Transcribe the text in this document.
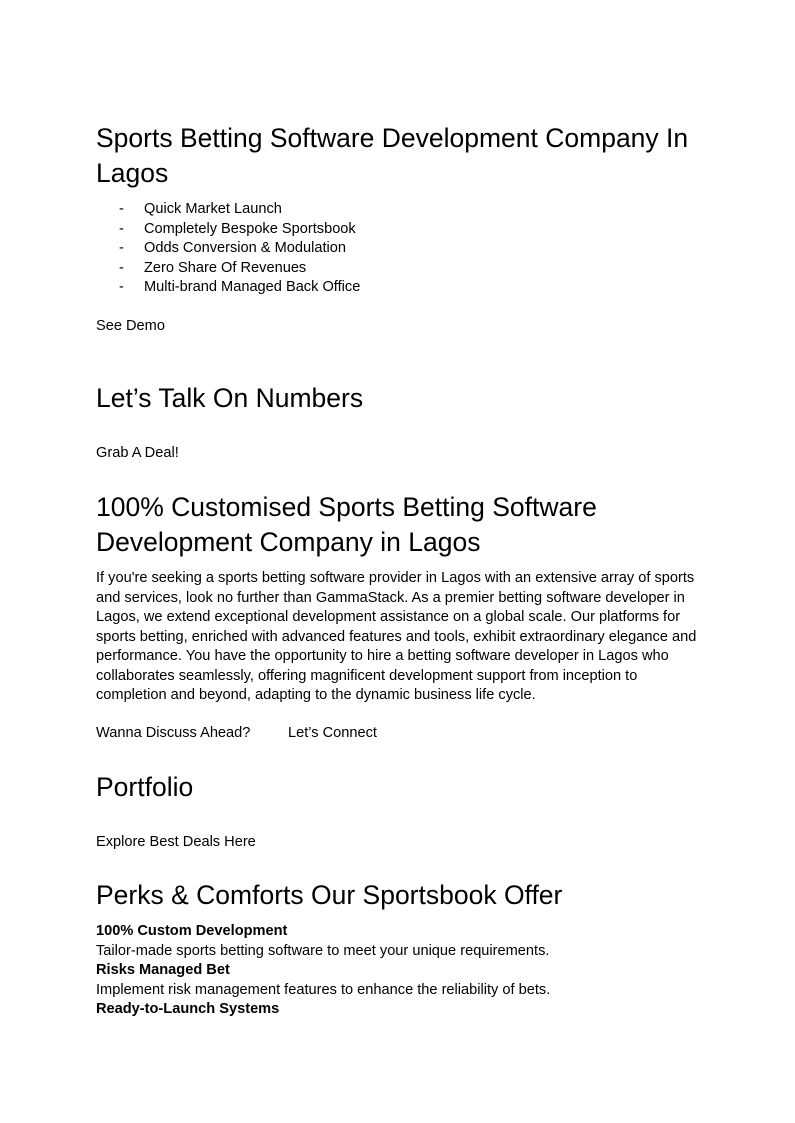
Sports Betting Software Development Company In Lagos
- Quick Market Launch
- Completely Bespoke Sportsbook
- Odds Conversion & Modulation
- Zero Share Of Revenues
- Multi-brand Managed Back Office

See Demo

Let’s Talk On Numbers

Grab A Deal!

100% Customised Sports Betting Software Development Company in Lagos

If you're seeking a sports betting software provider in Lagos with an extensive array of sports and services, look no further than GammaStack. As a premier betting software developer in Lagos, we extend exceptional development assistance on a global scale. Our platforms for sports betting, enriched with advanced features and tools, exhibit extraordinary elegance and performance. You have the opportunity to hire a betting software developer in Lagos who collaborates seamlessly, offering magnificent development support from inception to completion and beyond, adapting to the dynamic business life cycle.

Wanna Discuss Ahead?	Let’s Connect
Portfolio

Explore Best Deals Here

Perks & Comforts Our Sportsbook Offer
100% Custom Development
Tailor-made sports betting software to meet your unique requirements.
Risks Managed Bet
Implement risk management features to enhance the reliability of bets.
Ready-to-Launch Systems
